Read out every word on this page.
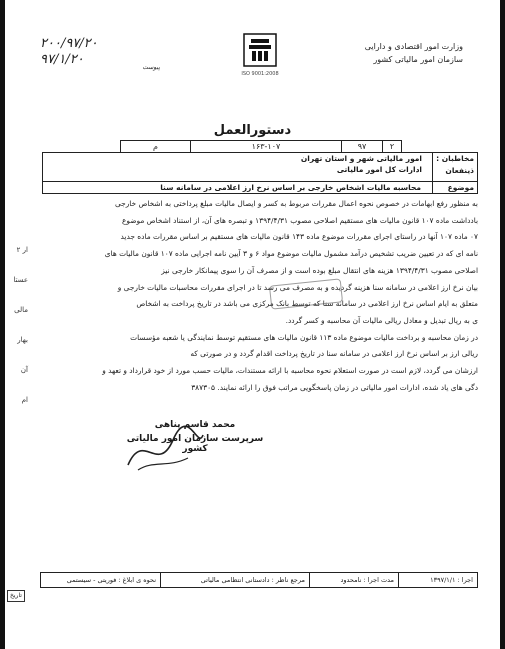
ار ۲
عستا
مالی
بهار
آن
ام
تاریخ
۲۰۰/۹۷/۲۰
۹۷/۱/۲۰
پیوست
ISO 9001:2008
وزارت امور اقتصادی و دارایی
سازمان امور مالیاتی کشور
دستورالعمل
۲
۹۷
۱۶۳-۱۰۷
م
مخاطبان :
ذینفعان
امور مالیاتی شهر و استان تهران
ادارات کل امور مالیاتی
موضوع
محاسبه مالیات اشخاص خارجی بر اساس نرخ ارز اعلامی در سامانه سنا

به منظور رفع ابهامات در خصوص نحوه اعمال مقررات مربوط به کسر و ایصال مالیات مبلغ پرداختی به اشخاص خارجی

بادداشت ماده ۱۰۷ قانون مالیات های مستقیم اصلاحی مصوب ۱۳۹۴/۴/۳۱ و تبصره های آن، از استناد اشخاص موضوع

۰۷ ماده ۱۰۷ آنها در راستای اجرای مقررات موضوع ماده ۱۴۳ قانون مالیات های مستقیم بر اساس مقررات ماده جدید

نامه ای که در تعیین ضریب تشخیص درآمد مشمول مالیات موضوع مواد ۶ و ۳ آیین نامه اجرایی ماده ۱۰۷ قانون مالیات های

اصلاحی مصوب ۱۳۹۴/۴/۳۱ هزینه های انتقال مبلغ بوده است و از مصرف آن را سوی پیمانکار خارجی نیز

بیان نرخ ارز اعلامی در سامانه سنا هزینه گردیده و به مصرف می رسد تا در اجرای مقررات محاسبات مالیات خارجی و

متعلق به ایام اساس نرخ ارز اعلامی در سامانه سنا که توسط بانک مرکزی می باشد در تاریخ پرداخت به اشخاص

ی به ریال تبدیل و معادل ریالی مالیات آن محاسبه و کسر گردد.

در زمان محاسبه و برداخت مالیات موضوع ماده ۱۱۳ قانون مالیات های مستقیم توسط نمایندگی یا شعبه مؤسسات

ریالی ارز بر اساس نرخ ارز اعلامی در سامانه سنا در تاریخ پرداخت اقدام گردد و در صورتی که

ارزشان می گردد، لازم است در صورت استعلام نحوه محاسبه با ارائه مستندات، مالیات حسب مورد از خود قرارداد و تعهد و

دگی های یاد شده، ادارات امور مالیاتی در زمان پاسخگویی مراتب فوق را ارائه نمایند. ۳۸۷۳۰۵

محمد قاسم پناهی
سرپرست سازمان امور مالیاتی کشور
اجرا : ۱۳۹۷/۱/۱
مدت اجرا : نامحدود
مرجع ناظر : دادستانی انتظامی مالیاتی
نحوه ی ابلاغ : فوریتی - سیستمی
